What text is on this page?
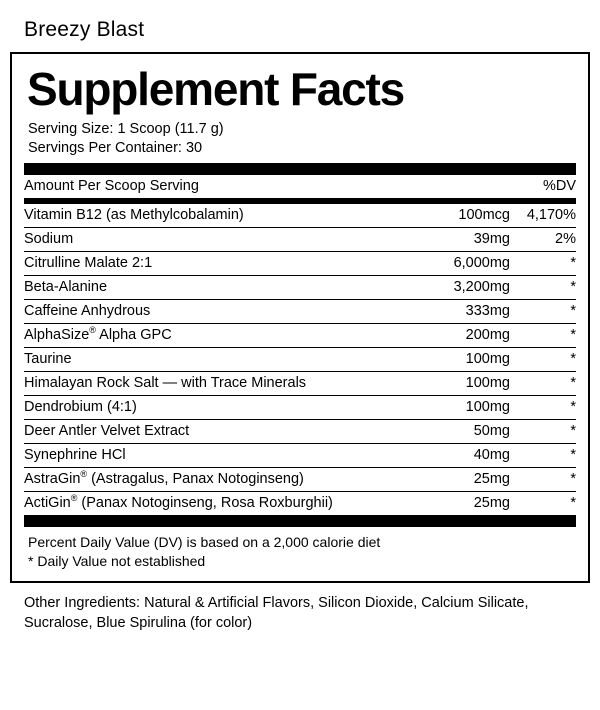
Breezy Blast
Supplement Facts
Serving Size: 1 Scoop (11.7 g)
Servings Per Container: 30
Amount Per Scoop Serving		%DV
Vitamin B12 (as Methylcobalamin)	100mcg	4,170%
Sodium	39mg	2%
Citrulline Malate 2:1	6,000mg	*
Beta-Alanine	3,200mg	*
Caffeine Anhydrous	333mg	*
AlphaSize® Alpha GPC	200mg	*
Taurine	100mg	*
Himalayan Rock Salt — with Trace Minerals	100mg	*
Dendrobium (4:1)	100mg	*
Deer Antler Velvet Extract	50mg	*
Synephrine HCl	40mg	*
AstraGin® (Astragalus, Panax Notoginseng)	25mg	*
ActiGin® (Panax Notoginseng, Rosa Roxburghii)	25mg	*
Percent Daily Value (DV) is based on a 2,000 calorie diet
* Daily Value not established
Other Ingredients: Natural & Artificial Flavors, Silicon Dioxide, Calcium Silicate, Sucralose, Blue Spirulina (for color)
